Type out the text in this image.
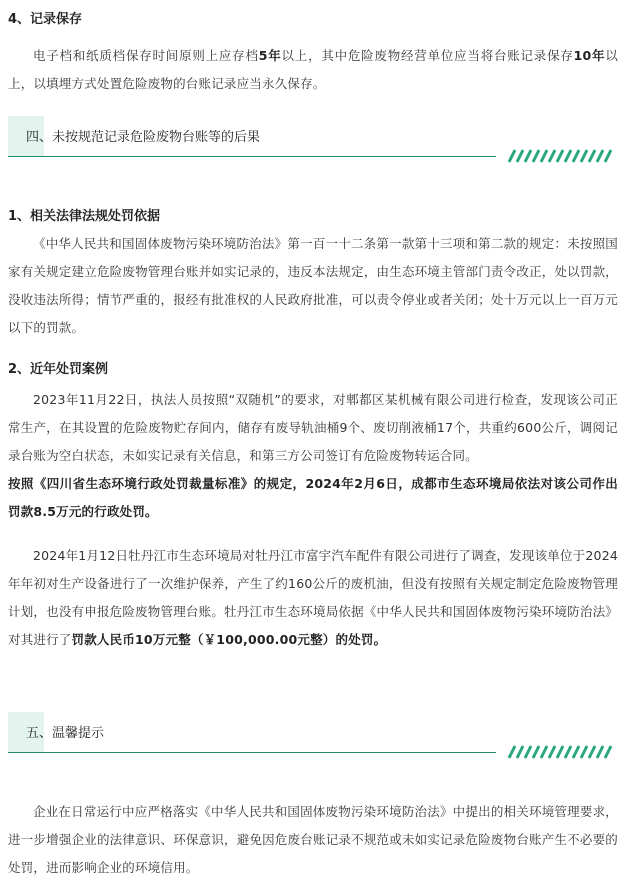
4、记录保存

电子档和纸质档保存时间原则上应存档5年以上，其中危险废物经营单位应当将台账记录保存10年以上，以填埋方式处置危险废物的台账记录应当永久保存。

四、未按规范记录危险废物台账等的后果
1、相关法律法规处罚依据

《中华人民共和国固体废物污染环境防治法》第一百一十二条第一款第十三项和第二款的规定：未按照国家有关规定建立危险废物管理台账并如实记录的，违反本法规定，由生态环境主管部门责令改正，处以罚款，没收违法所得；情节严重的，报经有批准权的人民政府批准，可以责令停业或者关闭；处十万元以上一百万元以下的罚款。

2、近年处罚案例

2023年11月22日，执法人员按照“双随机”的要求，对郫都区某机械有限公司进行检查，发现该公司正常生产，在其设置的危险废物贮存间内，储存有废导轨油桶9个、废切削液桶17个，共重约600公斤，调阅记录台账为空白状态，未如实记录有关信息，和第三方公司签订有危险废物转运合同。

按照《四川省生态环境行政处罚裁量标准》的规定，2024年2月6日，成都市生态环境局依法对该公司作出罚款8.5万元的行政处罚。

2024年1月12日牡丹江市生态环境局对牡丹江市富宇汽车配件有限公司进行了调查，发现该单位于2024年年初对生产设备进行了一次维护保养，产生了约160公斤的废机油，但没有按照有关规定制定危险废物管理计划，也没有申报危险废物管理台账。牡丹江市生态环境局依据《中华人民共和国固体废物污染环境防治法》对其进行了罚款人民币10万元整（￥100,000.00元整）的处罚。

五、温馨提示

企业在日常运行中应严格落实《中华人民共和国固体废物污染环境防治法》中提出的相关环境管理要求，进一步增强企业的法律意识、环保意识，避免因危废台账记录不规范或未如实记录危险废物台账产生不必要的处罚，进而影响企业的环境信用。
